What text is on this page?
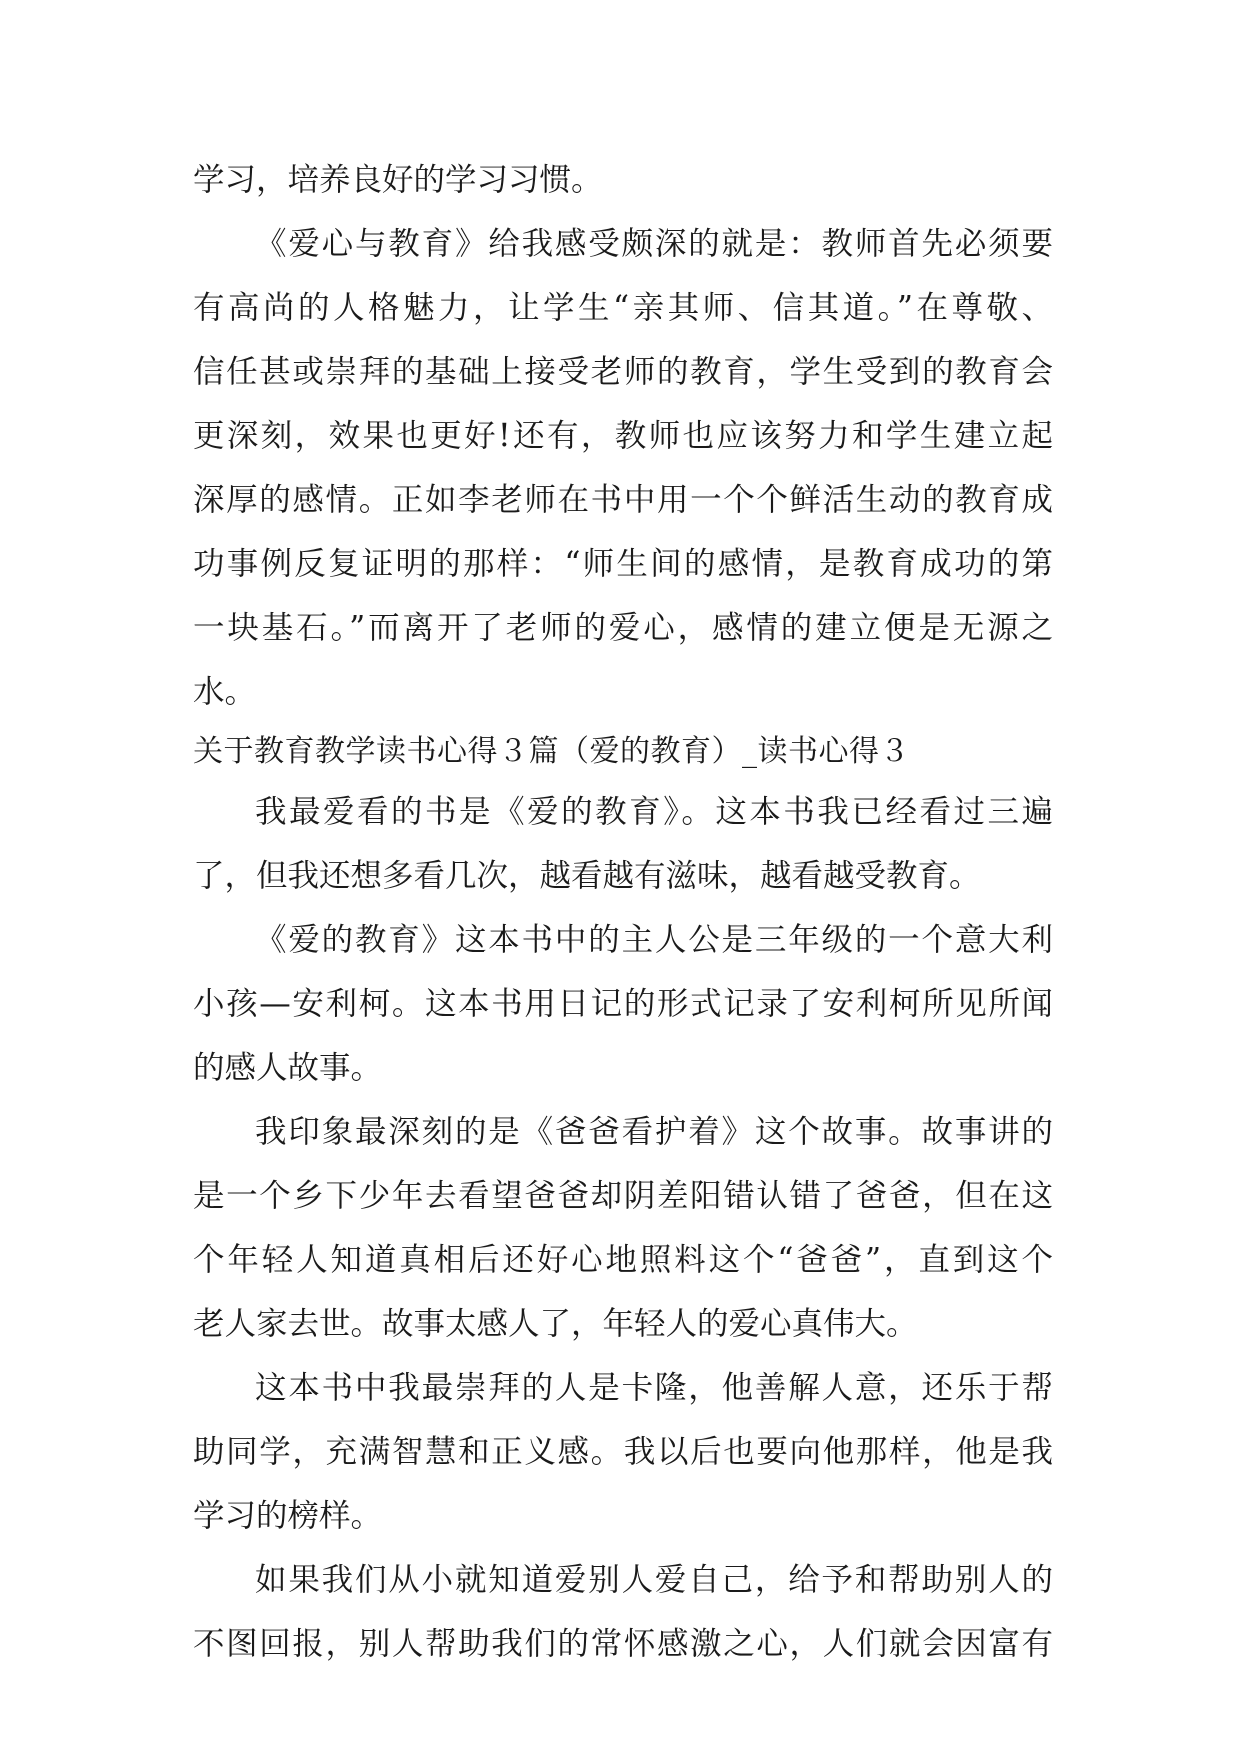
学习，培养良好的学习习惯。
《爱心与教育》给我感受颇深的就是：教师首先必须要
有高尚的人格魅力，让学生“亲其师、信其道。”在尊敬、
信任甚或崇拜的基础上接受老师的教育，学生受到的教育会
更深刻，效果也更好!还有，教师也应该努力和学生建立起
深厚的感情。正如李老师在书中用一个个鲜活生动的教育成
功事例反复证明的那样：“师生间的感情，是教育成功的第
一块基石。”而离开了老师的爱心，感情的建立便是无源之
水。
关于教育教学读书心得３篇（爱的教育）_读书心得３
我最爱看的书是《爱的教育》。这本书我已经看过三遍
了，但我还想多看几次，越看越有滋味，越看越受教育。
《爱的教育》这本书中的主人公是三年级的一个意大利
小孩—安利柯。这本书用日记的形式记录了安利柯所见所闻
的感人故事。
我印象最深刻的是《爸爸看护着》这个故事。故事讲的
是一个乡下少年去看望爸爸却阴差阳错认错了爸爸，但在这
个年轻人知道真相后还好心地照料这个“爸爸”，直到这个
老人家去世。故事太感人了，年轻人的爱心真伟大。
这本书中我最崇拜的人是卡隆，他善解人意，还乐于帮
助同学，充满智慧和正义感。我以后也要向他那样，他是我
学习的榜样。
如果我们从小就知道爱别人爱自己，给予和帮助别人的
不图回报，别人帮助我们的常怀感激之心，人们就会因富有
